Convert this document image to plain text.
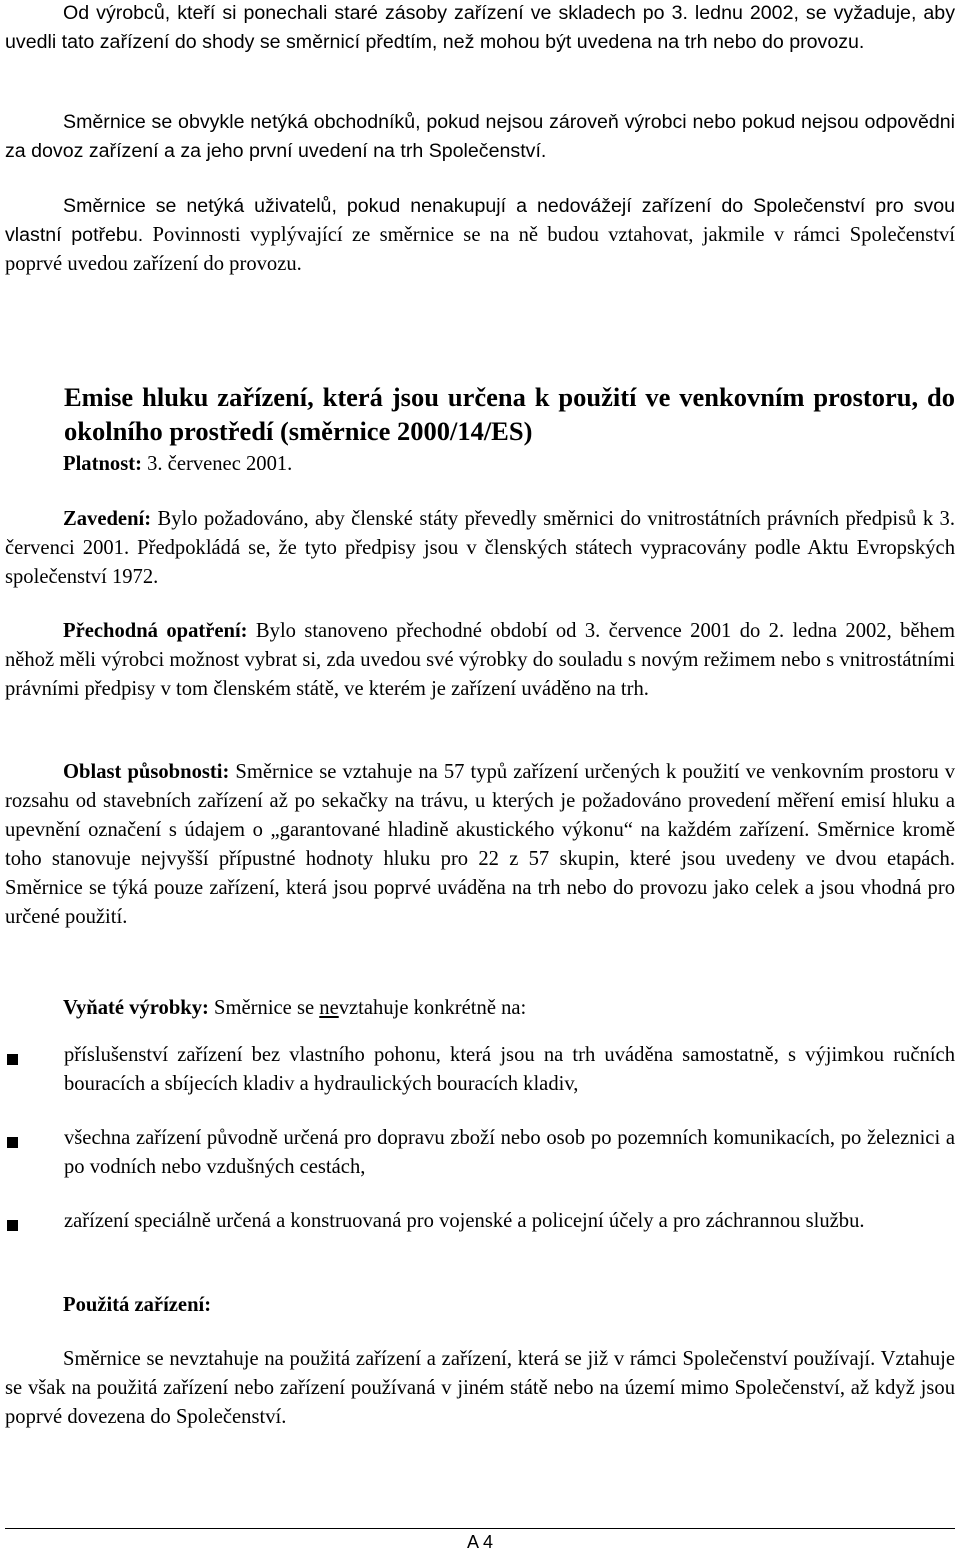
Od výrobců, kteří si ponechali staré zásoby zařízení ve skladech po 3. lednu 2002, se vyžaduje, aby uvedli tato zařízení do shody se směrnicí předtím, než mohou být uvedena na trh nebo do provozu.

Směrnice se obvykle netýká obchodníků, pokud nejsou zároveň výrobci nebo pokud nejsou odpovědni za dovoz zařízení a za jeho první uvedení na trh Společenství.

Směrnice se netýká uživatelů, pokud nenakupují a nedovážejí zařízení do Společenství pro svou vlastní potřebu. Povinnosti vyplývající ze směrnice se na ně budou vztahovat, jakmile v rámci Společenství poprvé uvedou zařízení do provozu.

Emise hluku zařízení, která jsou určena k použití ve venkovním prostoru, do okolního prostředí (směrnice 2000/14/ES)

Platnost: 3. červenec 2001.

Zavedení: Bylo požadováno, aby členské státy převedly směrnici do vnitrostátních právních předpisů k 3. červenci 2001. Předpokládá se, že tyto předpisy jsou v členských státech vypracovány podle Aktu Evropských společenství 1972.

Přechodná opatření: Bylo stanoveno přechodné období od 3. července 2001 do 2. ledna 2002, během něhož měli výrobci možnost vybrat si, zda uvedou své výrobky do souladu s novým režimem nebo s vnitrostátními právními předpisy v tom členském státě, ve kterém je zařízení uváděno na trh.

Oblast působnosti: Směrnice se vztahuje na 57 typů zařízení určených k použití ve venkovním prostoru v rozsahu od stavebních zařízení až po sekačky na trávu, u kterých je požadováno provedení měření emisí hluku a upevnění označení s údajem o „garantované hladině akustického výkonu“ na každém zařízení. Směrnice kromě toho stanovuje nejvyšší přípustné hodnoty hluku pro 22 z 57 skupin, které jsou uvedeny ve dvou etapách. Směrnice se týká pouze zařízení, která jsou poprvé uváděna na trh nebo do provozu jako celek a jsou vhodná pro určené použití.

Vyňaté výrobky: Směrnice se nevztahuje konkrétně na:

příslušenství zařízení bez vlastního pohonu, která jsou na trh uváděna samostatně, s výjimkou ručních bouracích a sbíjecích kladiv a hydraulických bouracích kladiv,

všechna zařízení původně určená pro dopravu zboží nebo osob po pozemních komunikacích, po železnici a po vodních nebo vzdušných cestách,

zařízení speciálně určená a konstruovaná pro vojenské a policejní účely a pro záchrannou službu.

Použitá zařízení:

Směrnice se nevztahuje na použitá zařízení a zařízení, která se již v rámci Společenství používají. Vztahuje se však na použitá zařízení nebo zařízení používaná v jiném státě nebo na území mimo Společenství, až když jsou poprvé dovezena do Společenství.

A 4
